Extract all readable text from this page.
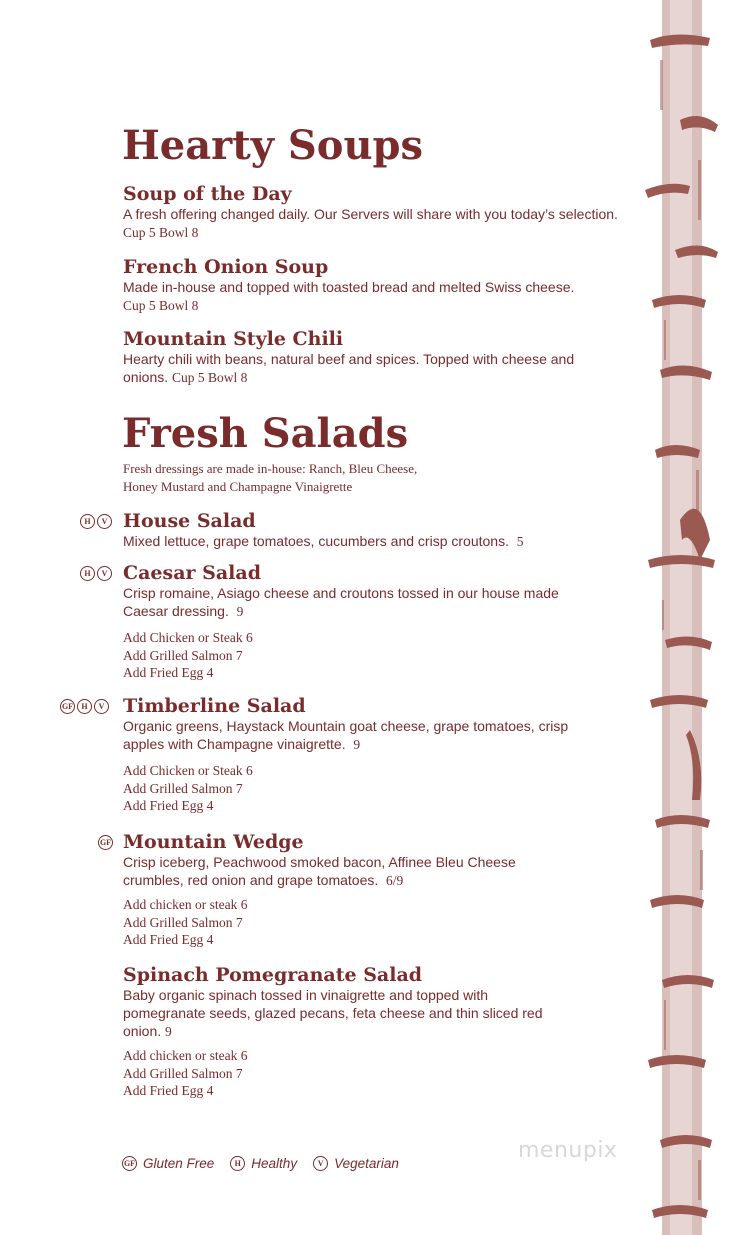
Hearty Soups

Soup of the Day

A fresh offering changed daily. Our Servers will share with you today’s selection. Cup 5 Bowl 8

French Onion Soup

Made in-house and topped with toasted bread and melted Swiss cheese.

Cup 5 Bowl 8

Mountain Style Chili

Hearty chili with beans, natural beef and spices. Topped with cheese and onions. Cup 5 Bowl 8

Fresh Salads
Fresh dressings are made in-house: Ranch, Bleu Cheese,
Honey Mustard and Champagne Vinaigrette
H	V House Salad

Mixed lettuce, grape tomatoes, cucumbers and crisp croutons. 5

H	V Caesar Salad

Crisp romaine, Asiago cheese and croutons tossed in our house made Caesar dressing. 9

Add Chicken or Steak 6
Add Grilled Salmon 7
Add Fried Egg 4
GF	H	V Timberline Salad

Organic greens, Haystack Mountain goat cheese, grape tomatoes, crisp apples with Champagne vinaigrette. 9

Add Chicken or Steak 6
Add Grilled Salmon 7
Add Fried Egg 4
GF Mountain Wedge

Crisp iceberg, Peachwood smoked bacon, Affinee Bleu Cheese crumbles, red onion and grape tomatoes. 6/9

Add chicken or steak 6
Add Grilled Salmon 7
Add Fried Egg 4

Spinach Pomegranate Salad

Baby organic spinach tossed in vinaigrette and topped with pomegranate seeds, glazed pecans, feta cheese and thin sliced red onion. 9

Add chicken or steak 6
Add Grilled Salmon 7
Add Fried Egg 4
GF Gluten Free	H Healthy	V Vegetarian
menupix
